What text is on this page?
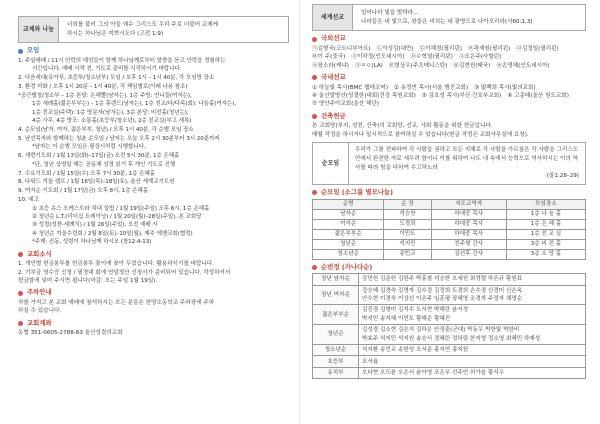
교제와 나눔
너희를 불러 그의 아들 예수 그리스도 우리 주로 더불어 교제케
하시는 하나님은 미쁘시도다 (고전 1:9)
모임
1. 주일예배 / 11시 안락의 예성들이 함께 하나님께로부터 말씀을 듣고 안락을 경험하는
시간입니다. 예배 시작 전, 기도로 준비를 시작하시기 바랍니다.
2. 다음세대(유아부, 초등부/청소년부) 모임 / 오후 1시 – 1시 40분, 각 모임방 장소
3. 환경 미화 / 오후 1시 20분 – 1시 40분, 각 책임별로(이래 나용 참조)
*공간별청/청소부 – 1층 본당: 손해뽈(남자는), 1층 주방: 언니들(여자는),
1층 세례홀(젊은부부는) – 1층 휴렌드(남자는), 1층 친교/다/다목(회): 나눔홀(여자는),
1층 친교실(주택): 1층 방문자(남자는), 3층 본당: 비전홀(청년는),
4층 사무, 4층 방조: 소통홀(초등부/청소년), 2층 친교실(부고 세록)
4. 순모임(남자, 여자, 젊은부부, 청년) / 오후 1시 40분, 각 순별 모임 장소
5. 남선목자와 함께하는 청춘 순모임 / 남자는 오늘 오후 2시 30분부터 3시 20분까지
*남자는 이 순별 모임은 평상시처럼 시행합니다.
6. 새번기도회 / 1월 13일(화)–17일(금) 오전 5시 30분, 1층 은혜홀
*단, 청년 상명일 매는 공동체 성경 읽기 후 개인 기도로 진행
7. 수요기도회 / 1월 15일(수) 오후 7시 30분, 1층 은혜홀
8. 다위드 겨울 캠프 / 1월 16일(목)–18일(토), 울산 세계교기도원
9. 여자순 기도회 / 1월 17일(금) 오후 8시, 1층 은혜홀
10. 예고
① 초등 유스 오케스트라 치내 설립 / 1월 19일(주일) 오후 6시, 1층 은혜홀
② 청년순 L.T.(리더십 트레이닝) / 1월 20일(월)–28일(주일), 본 교회당
③ 성경(성찬-세례식) / 1월 26일(주일), 오전 예배 시
④ 청년순 겨울수련회 / 2월 8일(토)–10일(월), 제주 에벤교회(협정)
*주제: 진동, 성령이 하나님께 하시오 (창12:4-13)
교회소식
1. 개인별 헌금봉투를 헌금봉투 꽂이에 꽂아 두었습니다. 활용하시기를 바랍니다.
2. 기부금 영수증 신청 / 필경대 회에 연말정산 신청서가 준비되어 있습니다. 작성하셔서
헌금함에 넣어 주시면 됩니다(마감: 오는 주일 1월 19일).
주차안내

차를 가지고 본 교회 예배에 참석하시는 모든 분들은 한양조동학교 주차장에 주차
하실 수 있습니다.

교회계좌

농협 351-0605-2788-83 울산성결의교회

세계선교
일어나라 빛을 발하라...
나라들은 네 빛으로, 왕들은 비치는 네 광명으로 나아오리라(사60:1,3)
국외선교
㉠김형국(코트디부아르) ㉡이성김(대만) ㉢이혜경(필리핀) ㉣곽재원(필리핀) ㉤김정일(필리핀)
㉥이 주(중국) ㉦이하정(인도네시아) ㉧ㅇ혁열(필리핀) ㉨오은주(사할린)
㉩장소라(케냐) ㉪ㅁㅇ(LA) ㉫형상우(주츠메니스탄) ㉬김현원(태국) ㉭손영혜(인도네시아)
국내선교
① 하늘빛 목사(BMC 웹데코어) ② 송정빈 목사(서울 행진교회) ③ 빛백희 목사(빛의교회)
④ 울산말방산(성결한)대회(건강 목원교회) ⑤ 김호성 목사(부산 간호부교회) ⑥ 고종태(울산 원도교회)
⑦ 영안주아교회(울산 해단)
건축헌금

본 교회당(부지, 성전, 신축)의 교회당, 선교, 사회 활동을 위한 헌금입니다.
매월 작정을 하시거나 일시적으로 참여하실 수 있습니다(헌금 작정은 교회사무실에 요청).

순모임
우리가 그를 전파하여 각 사람을 권하고 모든 지혜로 각 사람을 가르침은 각 사람을 그리스도 안에서 완전한 자로 세우려 함이니 이를 위하여 나도 내 속에서 능력으로 역사하시는 이의 역사를 따라 힘을 다하여 수고하노라
(골1:28–29)
순모임 (소그룹 별모나눔)
순명	순 장	지도교역자	모임장소
남자순	석승찬	하대중 목사	1층 나 눔 홀
여자순	도경희	하대중 목사	1층 은 혜 홀
젊은부부순	이민도	하대중 목사	1층 친 교 실
청년순	석지민	전주형 간사	3층 비 전 홀
청소년순	송민교	김선후 간사	3층 소 망 홀
순번정 (가나다순)
장년 남자순	강민헌 김준헌 김한주 박홍철 석승찬 오세원 최정렬 하은규 황원표
장년 여자순	강승혜 김경숙 김명자 김수정 김정희 도경희 손수정 신경미 신은옥
안수현 이경숙 이상선 이은주 임훈평 장혜영 조경자 주정자 채영순
젊은부부순	김진경 김형미 김지수 도서현 박해란 윤서정
박지민 송지혜 이민도 황해순 황혜진
청년순	김성경 김소현 김은지 김하은 안정훈(군대) 박동우 박한빛 박한비
박효주 석지민 석지원 송승서 정혜린 정하림 한지영 정소영 최혜민 하예성
청소년순	석지환 송민교 송한성 오서준 홍지연 홍지원
초등부	오서율
유치부	오다현 오도윤 오은서 윤아영 조은우 진주언 허가을 황서우
